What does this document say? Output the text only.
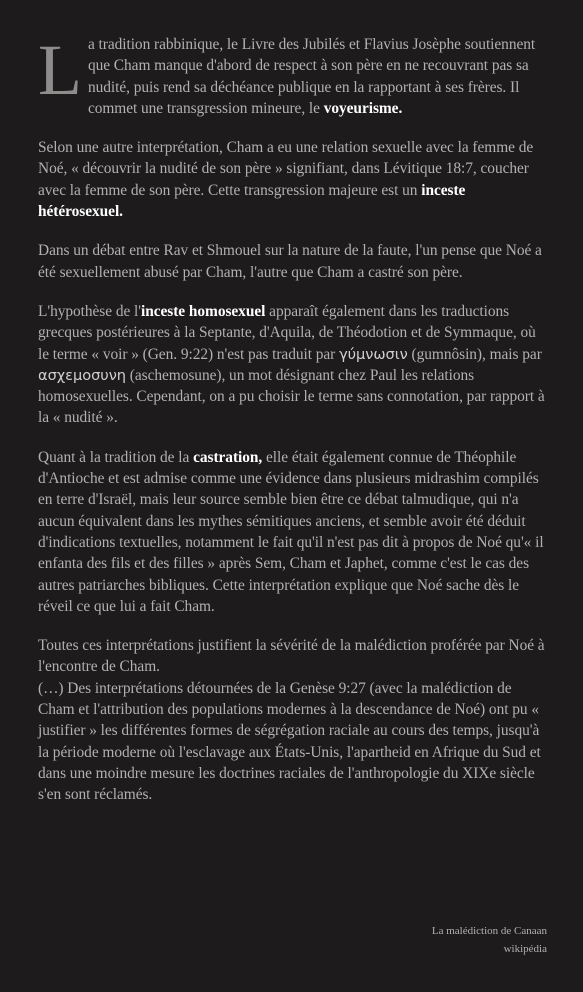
La tradition rabbinique, le Livre des Jubilés et Flavius Josèphe soutiennent que Cham manque d'abord de respect à son père en ne recouvrant pas sa nudité, puis rend sa déchéance publique en la rapportant à ses frères. Il commet une transgression mineure, le voyeurisme.

Selon une autre interprétation, Cham a eu une relation sexuelle avec la femme de Noé, « découvrir la nudité de son père » signifiant, dans Lévitique 18:7, coucher avec la femme de son père. Cette transgression majeure est un inceste hétérosexuel.

Dans un débat entre Rav et Shmouel sur la nature de la faute, l'un pense que Noé a été sexuellement abusé par Cham, l'autre que Cham a castré son père.

L'hypothèse de l'inceste homosexuel apparaît également dans les traductions grecques postérieures à la Septante, d'Aquila, de Théodotion et de Symmaque, où le terme « voir » (Gen. 9:22) n'est pas traduit par γύμνωσιν (gumnôsin), mais par ασχεμοσυνη (aschemosune), un mot désignant chez Paul les relations homosexuelles. Cependant, on a pu choisir le terme sans connotation, par rapport à la « nudité ».

Quant à la tradition de la castration, elle était également connue de Théophile d'Antioche et est admise comme une évidence dans plusieurs midrashim compilés en terre d'Israël, mais leur source semble bien être ce débat talmudique, qui n'a aucun équivalent dans les mythes sémitiques anciens, et semble avoir été déduit d'indications textuelles, notamment le fait qu'il n'est pas dit à propos de Noé qu'« il enfanta des fils et des filles » après Sem, Cham et Japhet, comme c'est le cas des autres patriarches bibliques. Cette interprétation explique que Noé sache dès le réveil ce que lui a fait Cham.

Toutes ces interprétations justifient la sévérité de la malédiction proférée par Noé à l'encontre de Cham.
(…) Des interprétations détournées de la Genèse 9:27 (avec la malédiction de Cham et l'attribution des populations modernes à la descendance de Noé) ont pu « justifier » les différentes formes de ségrégation raciale au cours des temps, jusqu'à la période moderne où l'esclavage aux États-Unis, l'apartheid en Afrique du Sud et dans une moindre mesure les doctrines raciales de l'anthropologie du XIXe siècle s'en sont réclamés.

La malédiction de Canaan
wikipédia
